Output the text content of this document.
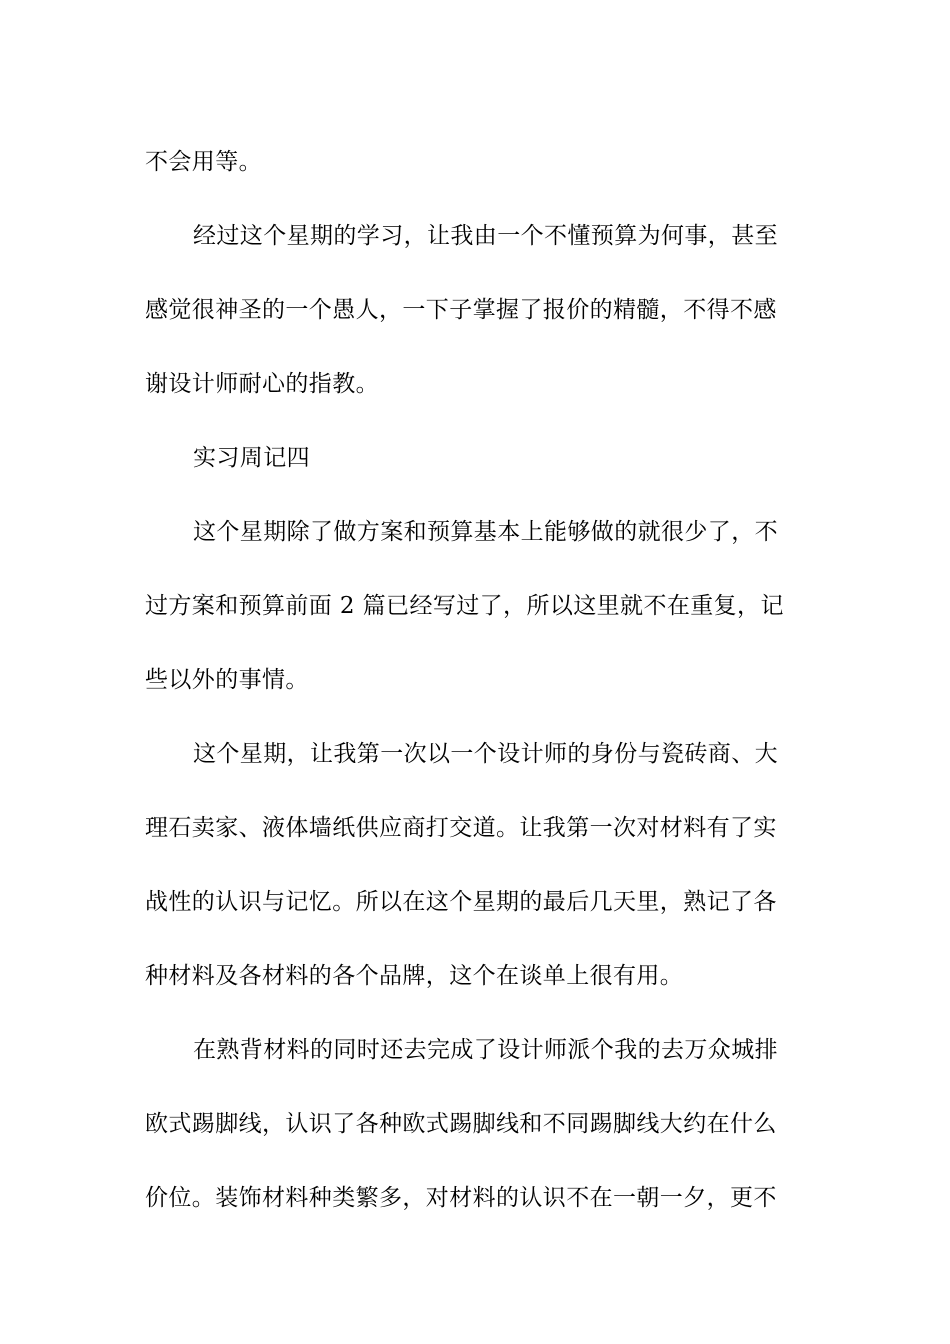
不会用等。
经过这个星期的学习，让我由一个不懂预算为何事，甚至
感觉很神圣的一个愚人，一下子掌握了报价的精髓，不得不感
谢设计师耐心的指教。
实习周记四
这个星期除了做方案和预算基本上能够做的就很少了，不
过方案和预算前面 2 篇已经写过了，所以这里就不在重复，记
些以外的事情。
这个星期，让我第一次以一个设计师的身份与瓷砖商、大
理石卖家、液体墙纸供应商打交道。让我第一次对材料有了实
战性的认识与记忆。所以在这个星期的最后几天里，熟记了各
种材料及各材料的各个品牌，这个在谈单上很有用。
在熟背材料的同时还去完成了设计师派个我的去万众城排
欧式踢脚线，认识了各种欧式踢脚线和不同踢脚线大约在什么
价位。装饰材料种类繁多，对材料的认识不在一朝一夕，更不
